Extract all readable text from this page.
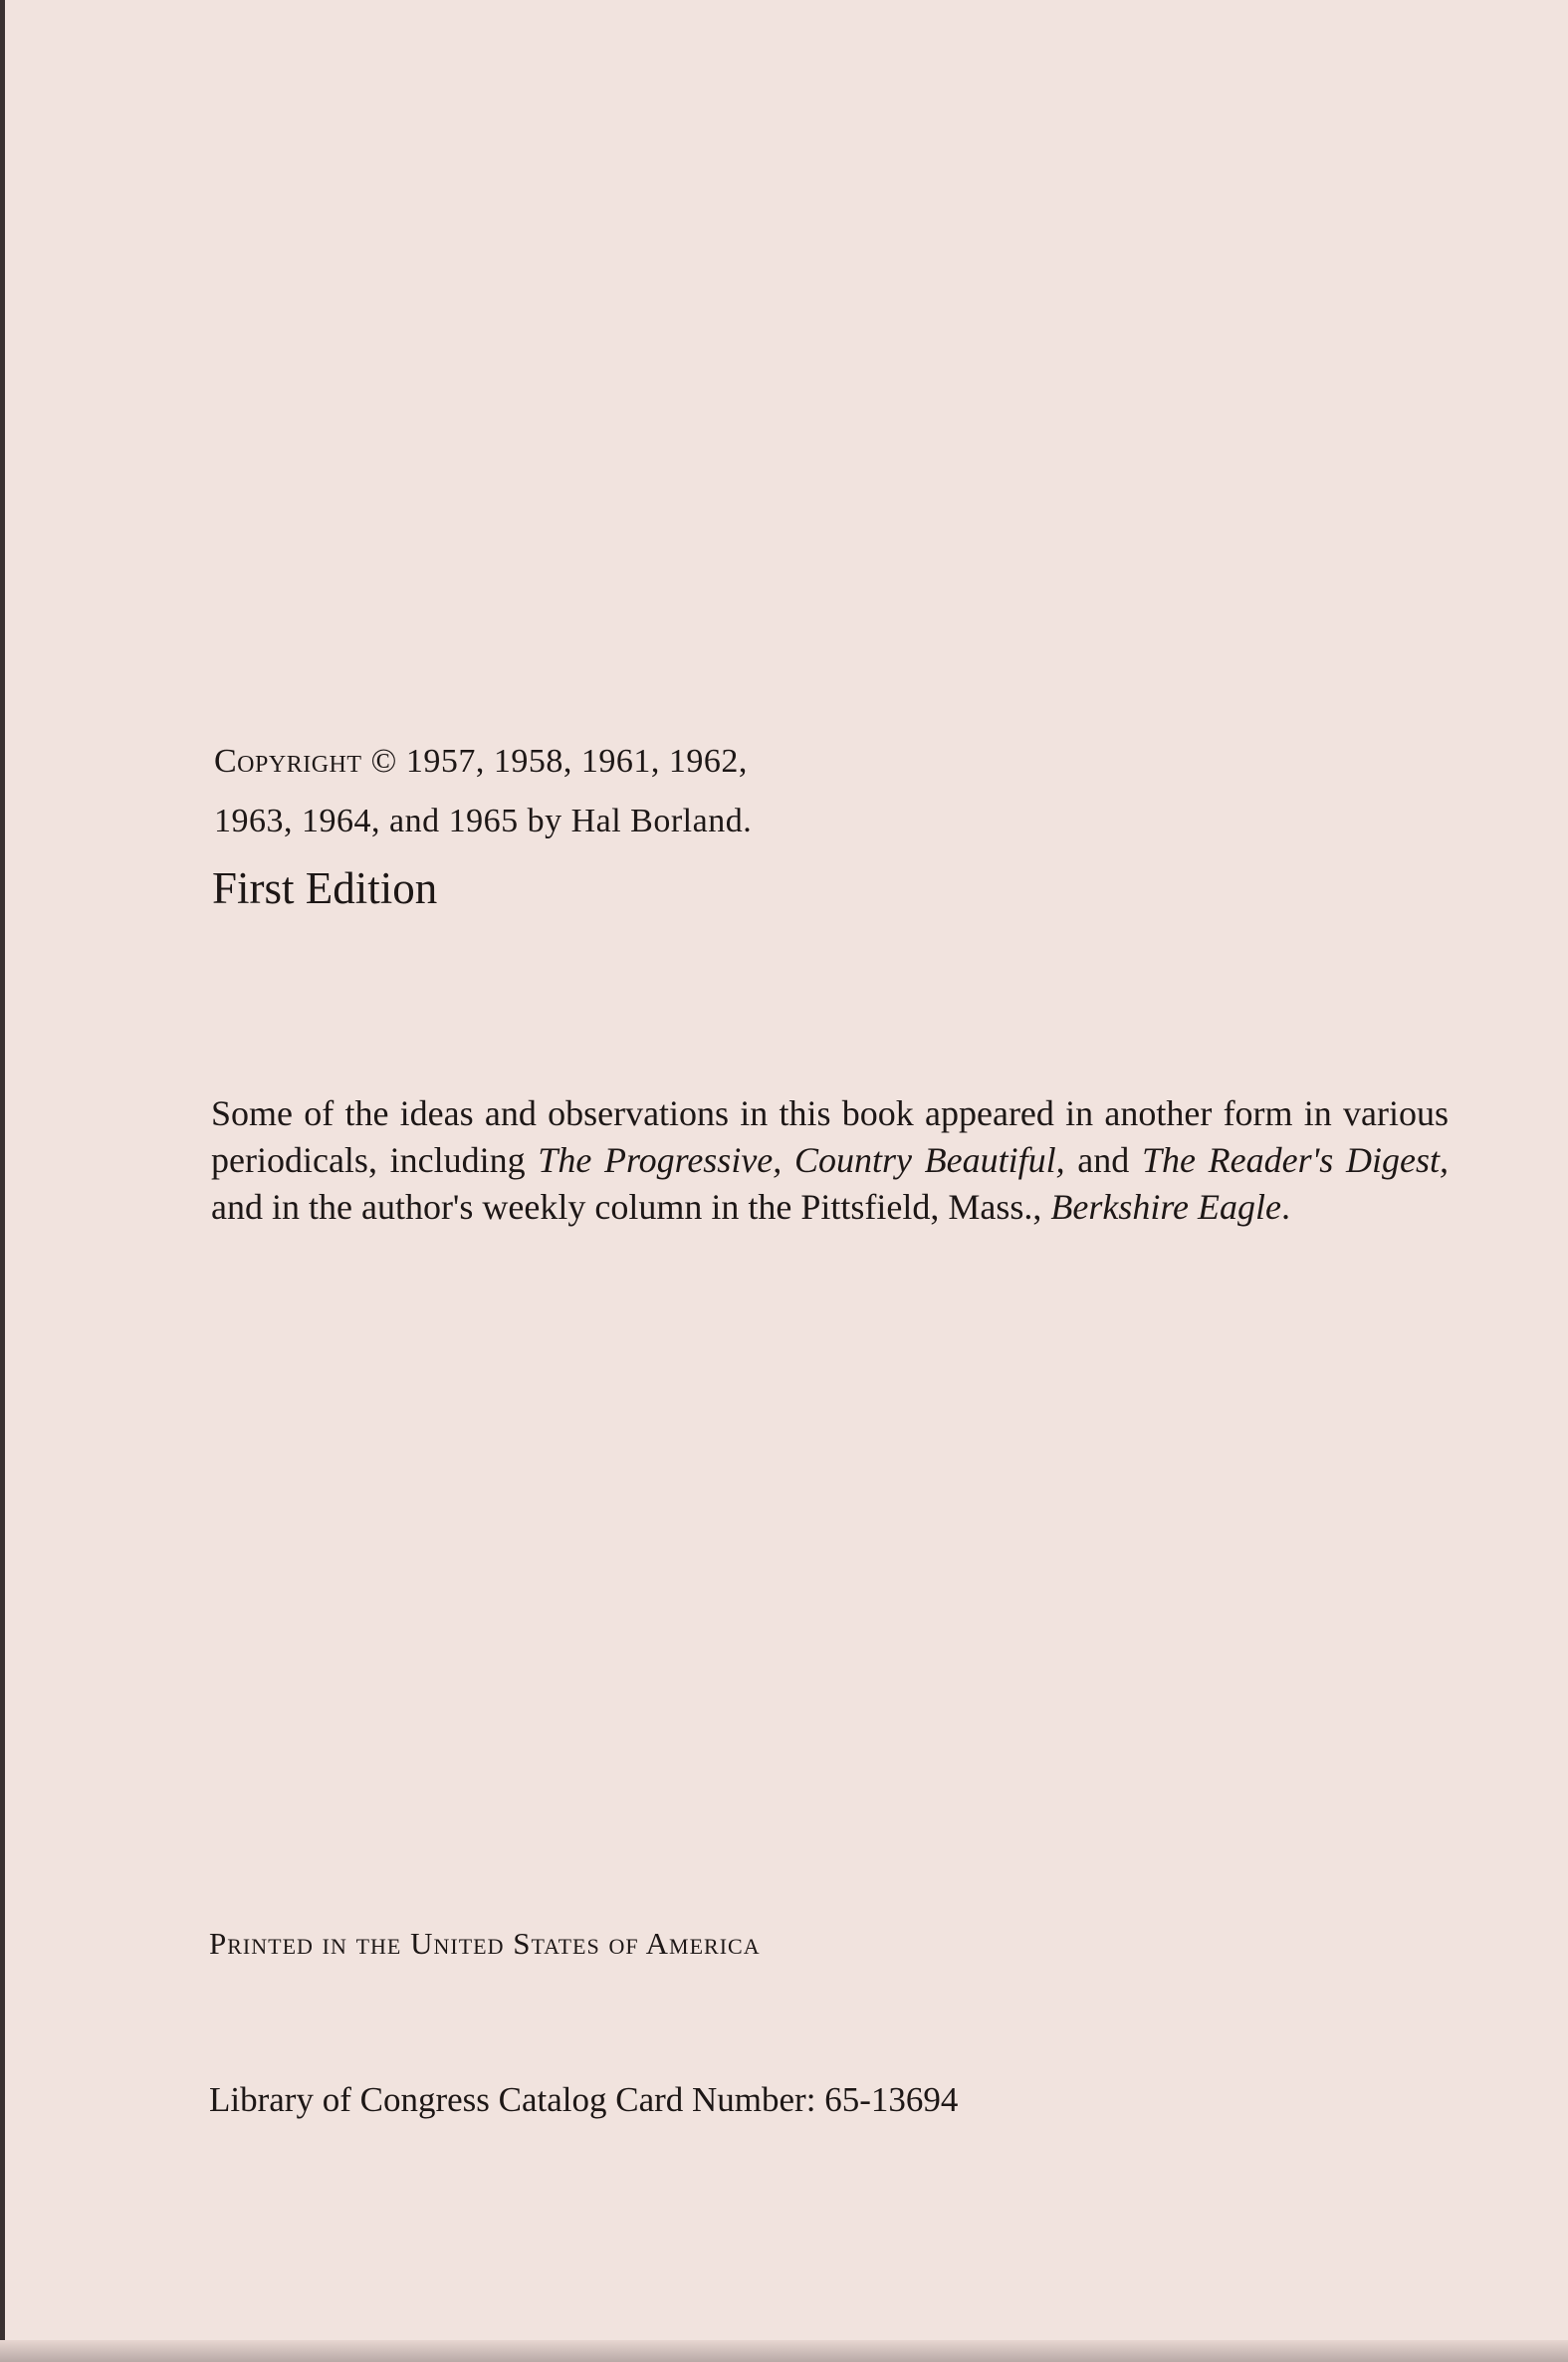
Copyright © 1957, 1958, 1961, 1962,
1963, 1964, and 1965 by Hal Borland.
First Edition
Some of the ideas and observations in this book appeared in another form in various periodicals, including The Progressive, Country Beautiful, and The Reader's Digest, and in the author's weekly column in the Pittsfield, Mass., Berkshire Eagle.
Printed in the United States of America
Library of Congress Catalog Card Number: 65-13694
